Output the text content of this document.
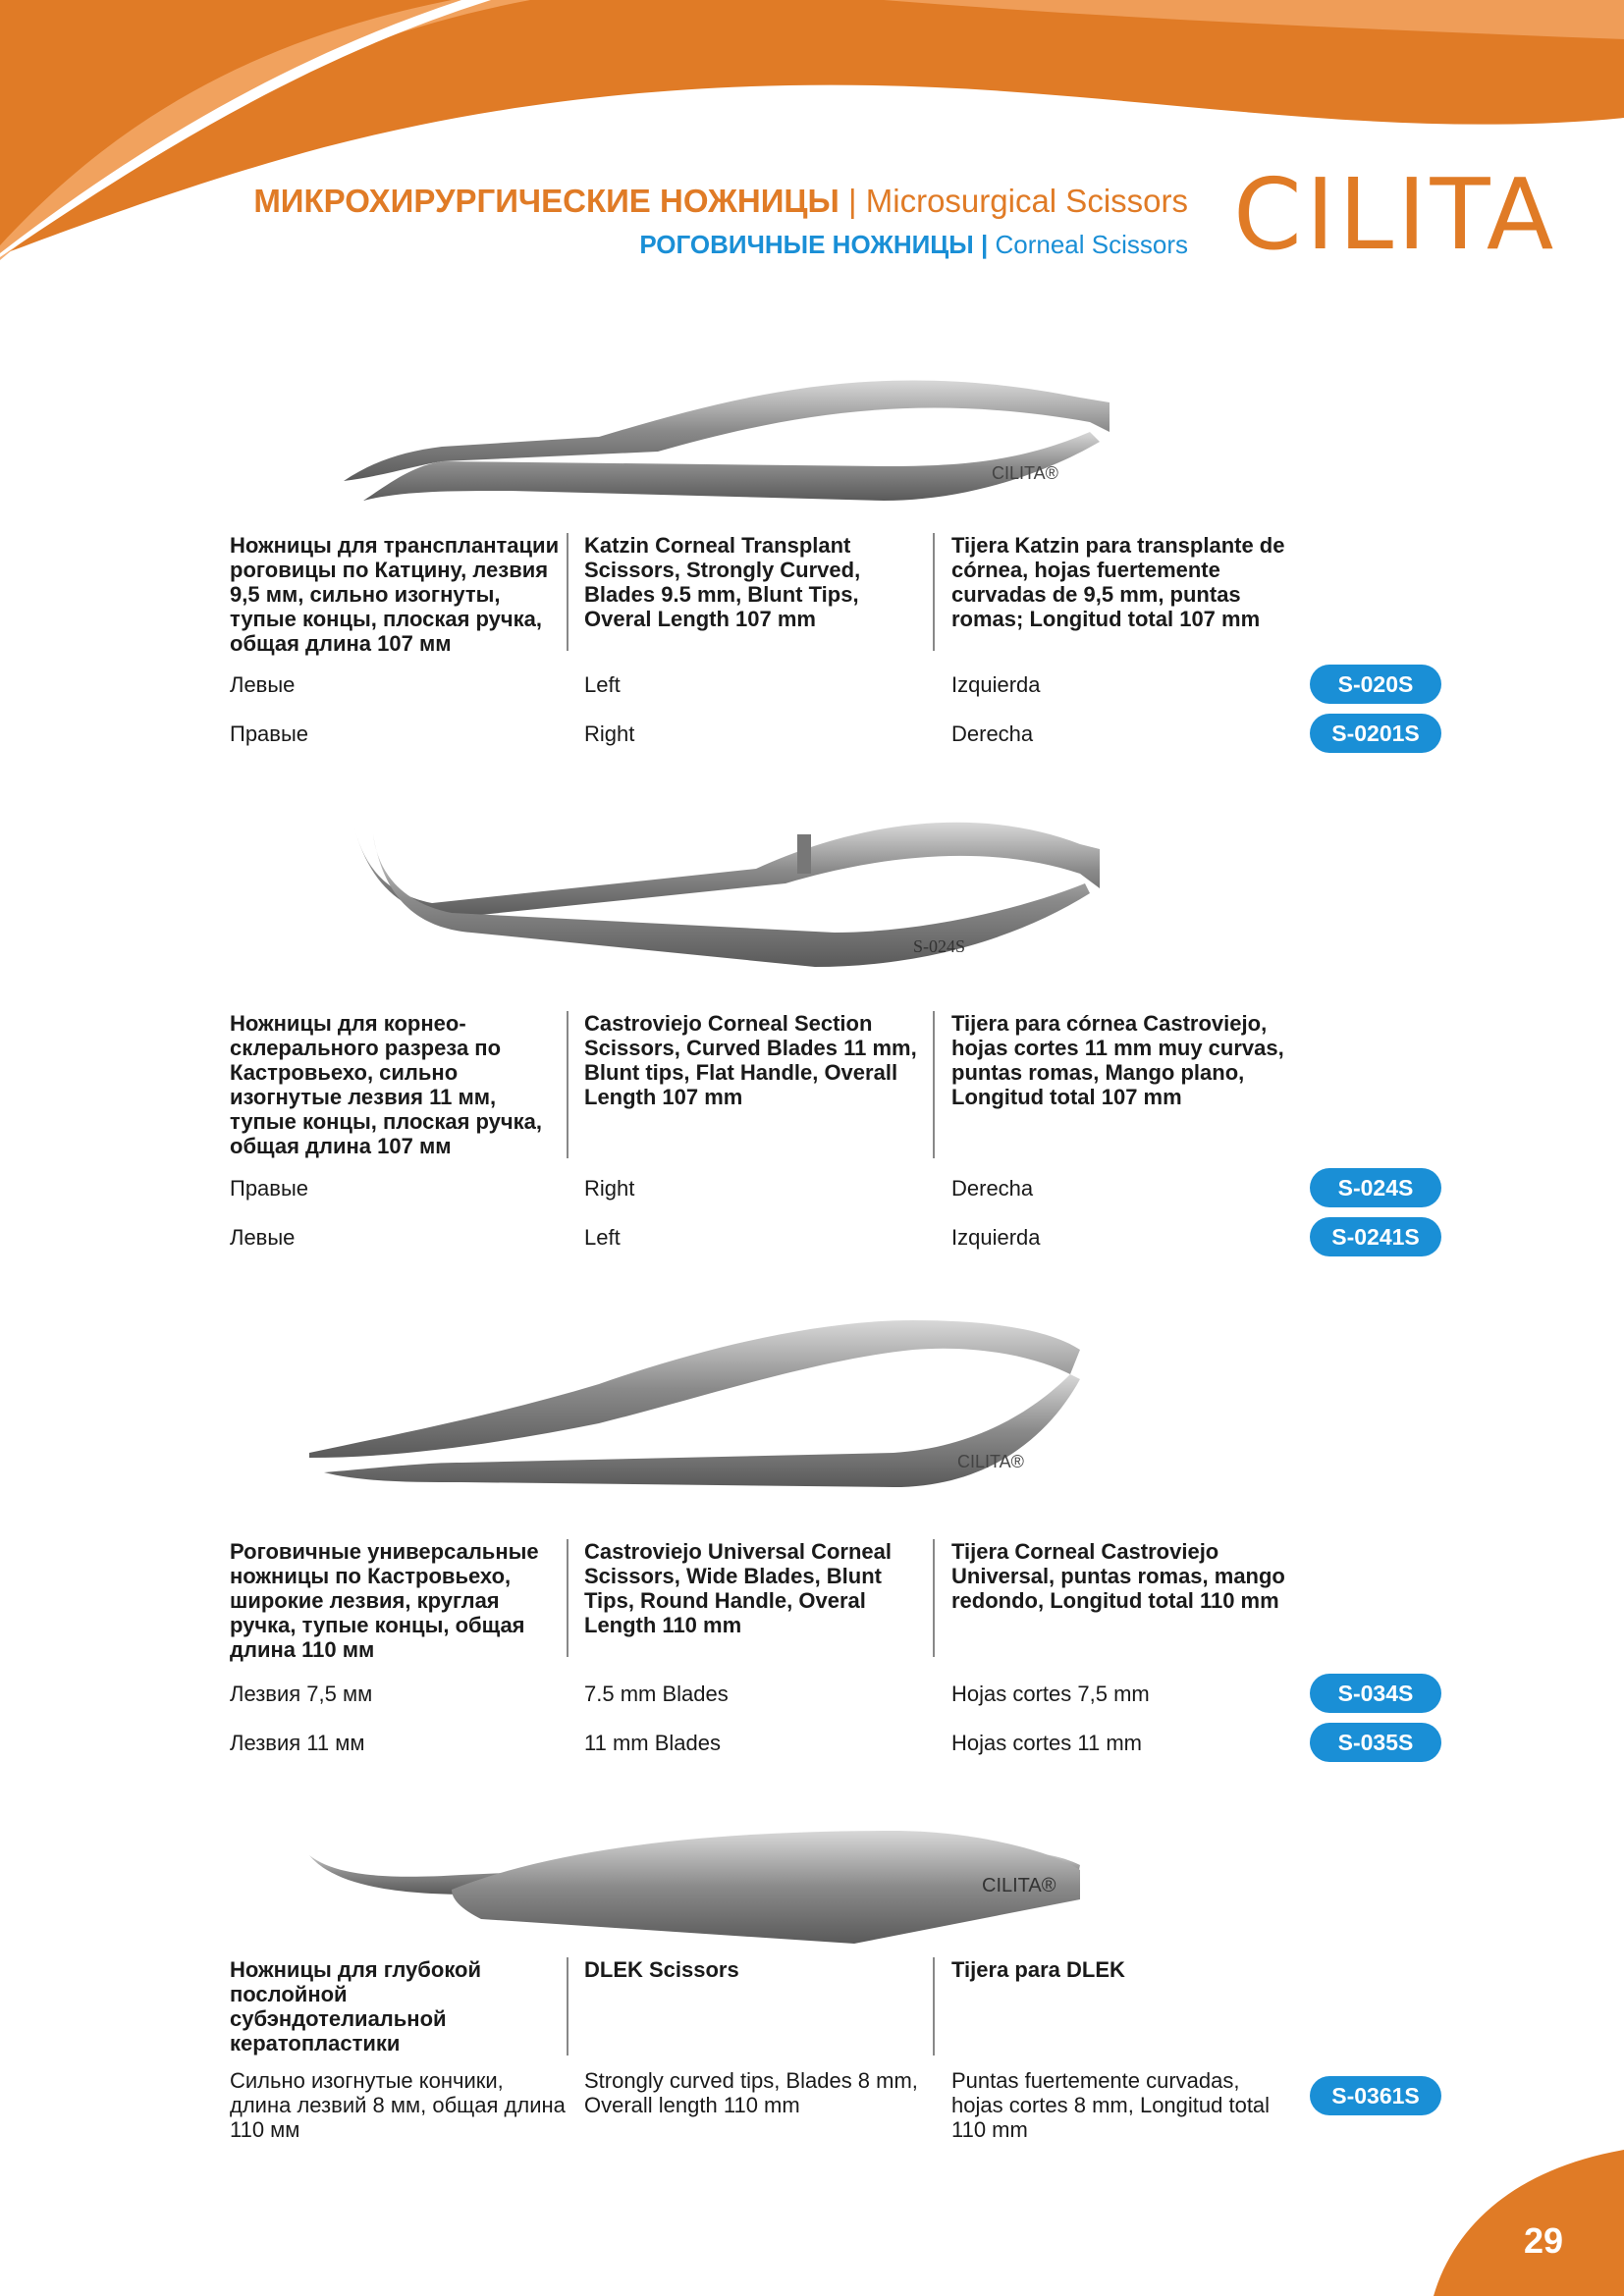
МИКРОХИРУРГИЧЕСКИЕ НОЖНИЦЫ | Microsurgical Scissors
РОГОВИЧНЫЕ НОЖНИЦЫ | Corneal Scissors CILITA
CILITA®
Ножницы для трансплантации роговицы по Катцину, лезвия 9,5 мм, сильно изогнуты, тупые концы, плоская ручка, общая длина 107 мм
Katzin Corneal Transplant Scissors, Strongly Curved, Blades 9.5 mm, Blunt Tips, Overal Length 107 mm
Tijera Katzin para transplante de córnea, hojas fuertemente curvadas de 9,5 mm, puntas romas; Longitud total 107 mm
Левые	Left	Izquierda	S-020S
Правые	Right	Derecha	S-0201S
S-024S
Ножницы для корнео-склерального разреза по Кастровьехо, сильно изогнутые лезвия 11 мм, тупые концы, плоская ручка, общая длина 107 мм
Castroviejo Corneal Section Scissors, Curved Blades 11 mm, Blunt tips, Flat Handle, Overall Length 107 mm
Tijera para córnea Castroviejo, hojas cortes 11 mm muy curvas, puntas romas, Mango plano, Longitud total 107 mm
Правые	Right	Derecha	S-024S
Левые	Left	Izquierda	S-0241S
CILITA®
Роговичные универсальные ножницы по Кастровьехо, широкие лезвия, круглая ручка, тупые концы, общая длина 110 мм
Castroviejo Universal Corneal Scissors, Wide Blades, Blunt Tips, Round Handle, Overal Length 110 mm
Tijera Corneal Castroviejo Universal, puntas romas, mango redondo, Longitud total 110 mm
Лезвия 7,5 мм	7.5 mm Blades	Hojas cortes 7,5 mm	S-034S
Лезвия 11 мм	11 mm Blades	Hojas cortes 11 mm	S-035S
CILITA®
Ножницы для глубокой послойной субэндотелиальной кератопластики
DLEK Scissors	Tijera para DLEK
Сильно изогнутые кончики, длина лезвий 8 мм, общая длина 110 мм
Strongly curved tips, Blades 8 mm, Overall length 110 mm
Puntas fuertemente curvadas, hojas cortes 8 mm, Longitud total 110 mm
S-0361S
29
